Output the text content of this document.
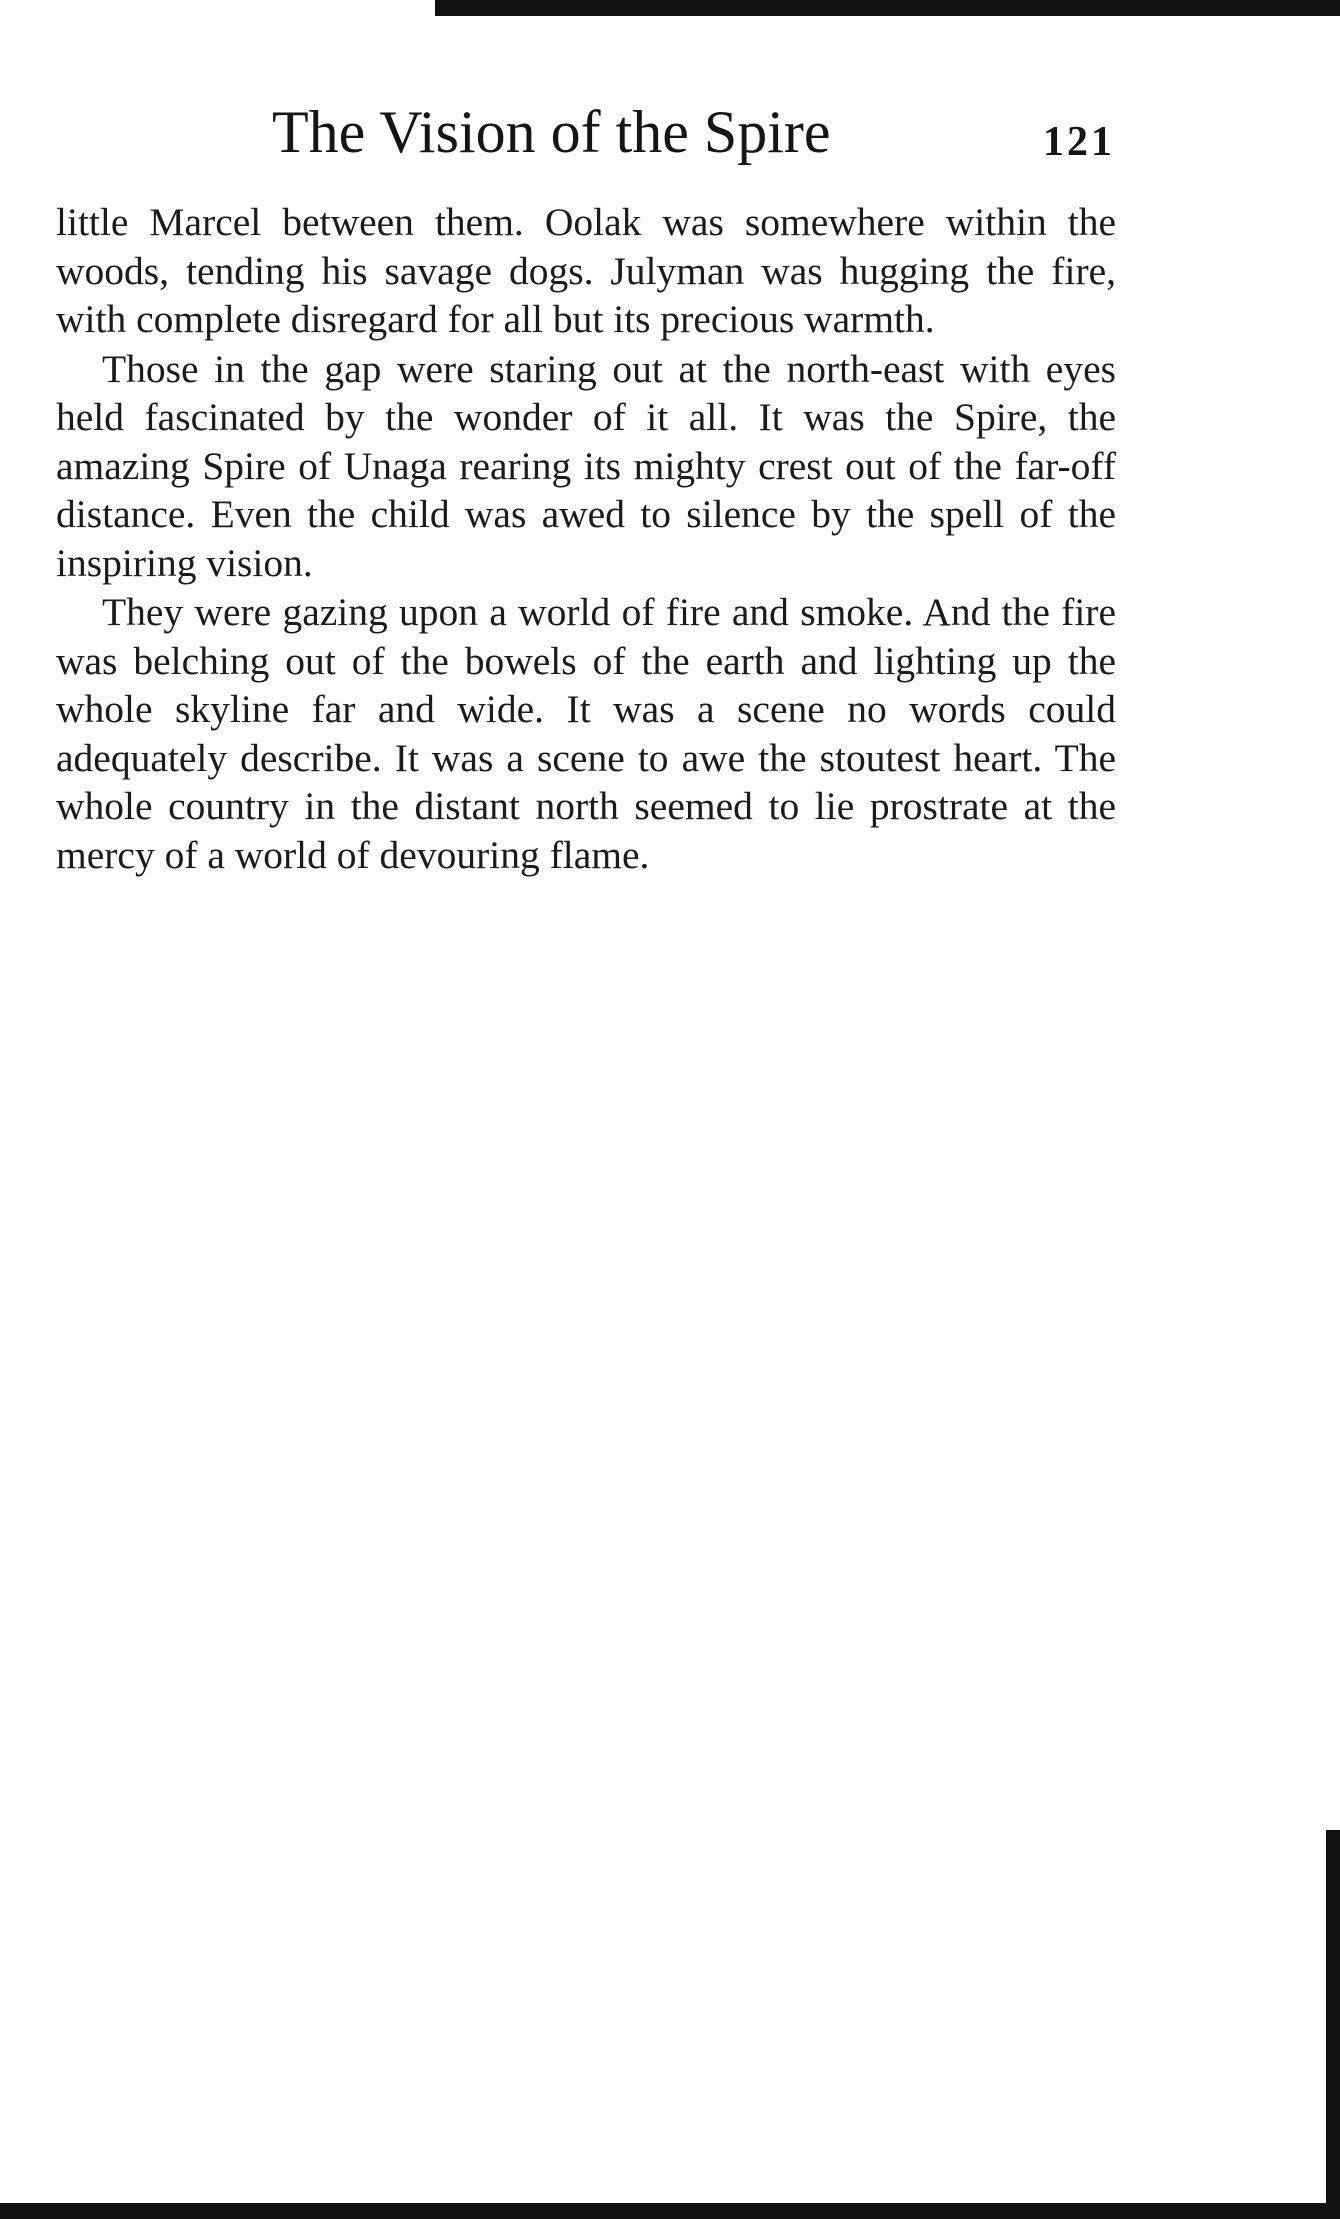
The Vision of the Spire	121

little Marcel between them. Oolak was somewhere within the woods, tending his savage dogs. Julyman was hugging the fire, with complete disregard for all but its precious warmth.

Those in the gap were staring out at the north-east with eyes held fascinated by the wonder of it all. It was the Spire, the amazing Spire of Unaga rearing its mighty crest out of the far-off distance. Even the child was awed to silence by the spell of the inspiring vision.

They were gazing upon a world of fire and smoke. And the fire was belching out of the bowels of the earth and lighting up the whole skyline far and wide. It was a scene no words could adequately describe. It was a scene to awe the stoutest heart. The whole country in the distant north seemed to lie prostrate at the mercy of a world of devouring flame.
